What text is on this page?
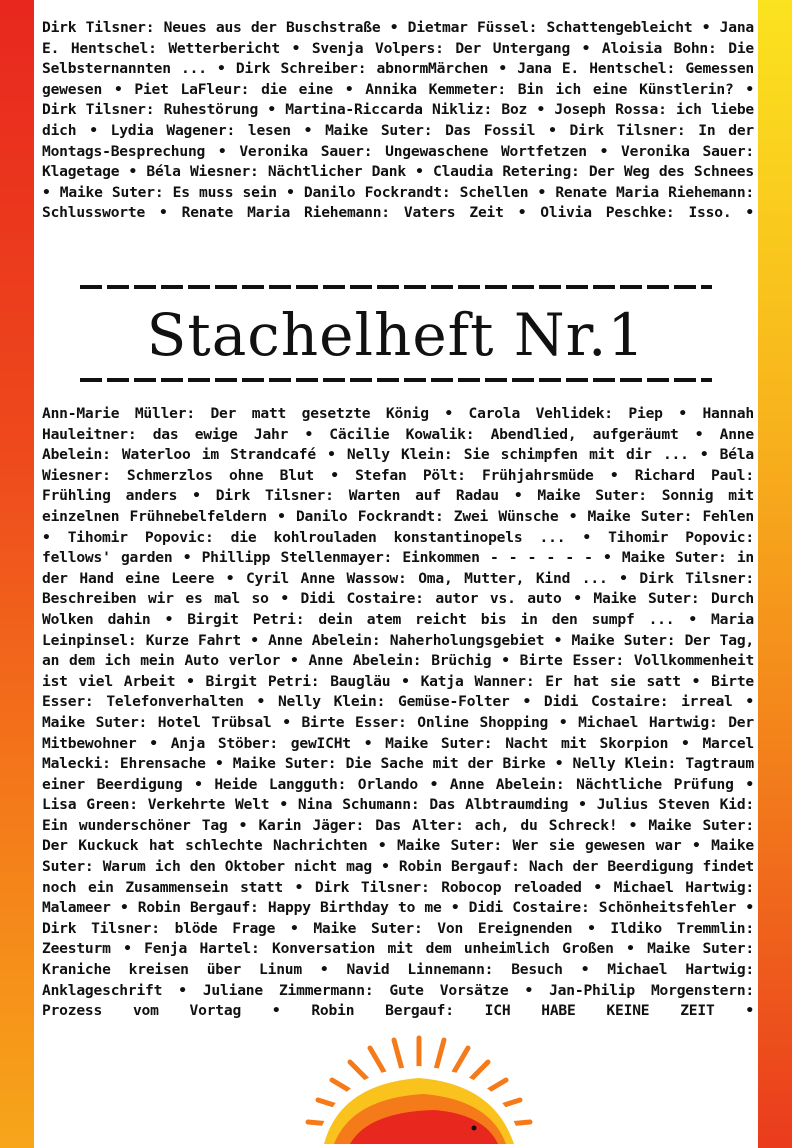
Dirk Tilsner: Neues aus der Buschstraße • Dietmar Füssel: Schattengebleicht • Jana E. Hentschel: Wetterbericht • Svenja Volpers: Der Untergang • Aloisia Bohn: Die Selbsternannten ... • Dirk Schreiber: abnormMärchen • Jana E. Hentschel: Gemessen gewesen • Piet LaFleur: die eine • Annika Kemmeter: Bin ich eine Künstlerin? • Dirk Tilsner: Ruhestörung • Martina-Riccarda Nikliz: Boz • Joseph Rossa: ich liebe dich • Lydia Wagener: lesen • Maike Suter: Das Fossil • Dirk Tilsner: In der Montags-Besprechung • Veronika Sauer: Ungewaschene Wortfetzen • Veronika Sauer: Klagetage • Béla Wiesner: Nächtlicher Dank • Claudia Retering: Der Weg des Schnees • Maike Suter: Es muss sein • Danilo Fockrandt: Schellen • Renate Maria Riehemann: Schlussworte • Renate Maria Riehemann: Vaters Zeit • Olivia Peschke: Isso. •

Stachelheft Nr.1

Ann-Marie Müller: Der matt gesetzte König • Carola Vehlidek: Piep • Hannah Hauleitner: das ewige Jahr • Cäcilie Kowalik: Abendlied, aufgeräumt • Anne Abelein: Waterloo im Strandcafé • Nelly Klein: Sie schimpfen mit dir ... • Béla Wiesner: Schmerzlos ohne Blut • Stefan Pölt: Frühjahrsmüde • Richard Paul: Frühling anders • Dirk Tilsner: Warten auf Radau • Maike Suter: Sonnig mit einzelnen Frühnebelfeldern • Danilo Fockrandt: Zwei Wünsche • Maike Suter: Fehlen • Tihomir Popovic: die kohlrouladen konstantinopels ... • Tihomir Popovic: fellows' garden • Phillipp Stellenmayer: Einkommen - - - - - - • Maike Suter: in der Hand eine Leere • Cyril Anne Wassow: Oma, Mutter, Kind ... • Dirk Tilsner: Beschreiben wir es mal so • Didi Costaire: autor vs. auto • Maike Suter: Durch Wolken dahin • Birgit Petri: dein atem reicht bis in den sumpf ... • Maria Leinpinsel: Kurze Fahrt • Anne Abelein: Naherholungsgebiet • Maike Suter: Der Tag, an dem ich mein Auto verlor • Anne Abelein: Brüchig • Birte Esser: Vollkommenheit ist viel Arbeit • Birgit Petri: Baugläu • Katja Wanner: Er hat sie satt • Birte Esser: Telefonverhalten • Nelly Klein: Gemüse-Folter • Didi Costaire: irreal • Maike Suter: Hotel Trübsal • Birte Esser: Online Shopping • Michael Hartwig: Der Mitbewohner • Anja Stöber: gewICHt • Maike Suter: Nacht mit Skorpion • Marcel Malecki: Ehrensache • Maike Suter: Die Sache mit der Birke • Nelly Klein: Tagtraum einer Beerdigung • Heide Langguth: Orlando • Anne Abelein: Nächtliche Prüfung • Lisa Green: Verkehrte Welt • Nina Schumann: Das Albtraumding • Julius Steven Kid: Ein wunderschöner Tag • Karin Jäger: Das Alter: ach, du Schreck! • Maike Suter: Der Kuckuck hat schlechte Nachrichten • Maike Suter: Wer sie gewesen war • Maike Suter: Warum ich den Oktober nicht mag • Robin Bergauf: Nach der Beerdigung findet noch ein Zusammensein statt • Dirk Tilsner: Robocop reloaded • Michael Hartwig: Malameer • Robin Bergauf: Happy Birthday to me • Didi Costaire: Schönheitsfehler • Dirk Tilsner: blöde Frage • Maike Suter: Von Ereignenden • Ildiko Tremmlin: Zeesturm • Fenja Hartel: Konversation mit dem unheimlich Großen • Maike Suter: Kraniche kreisen über Linum • Navid Linnemann: Besuch • Michael Hartwig: Anklageschrift • Juliane Zimmermann: Gute Vorsätze • Jan-Philip Morgenstern: Prozess vom Vortag • Robin Bergauf: ICH HABE KEINE ZEIT •
